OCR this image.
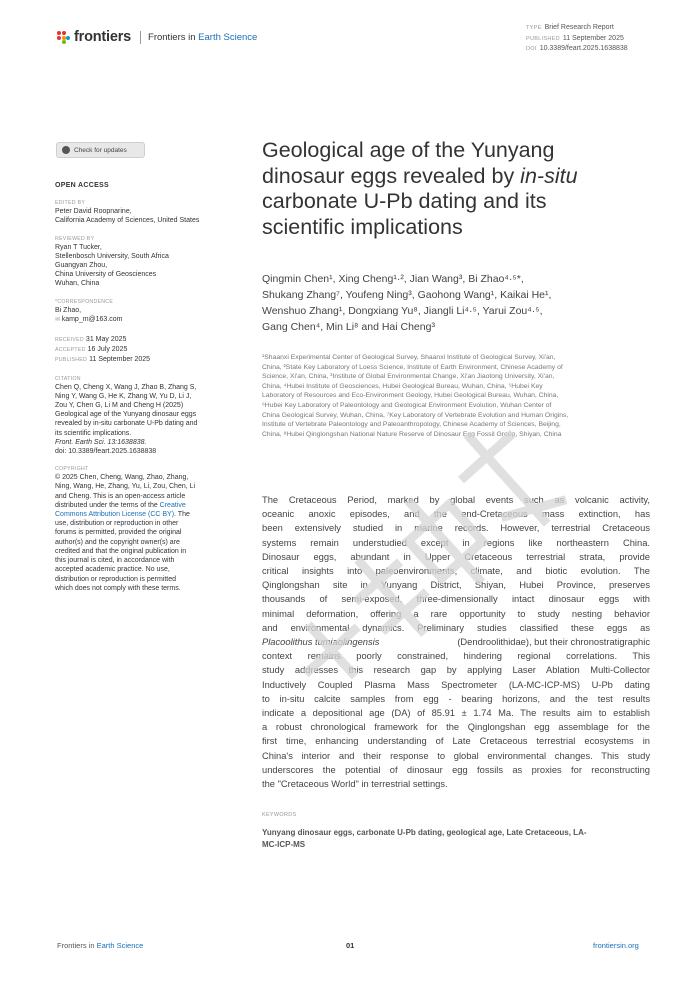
frontiers Frontiers in Earth Science
TYPE Brief Research Report
PUBLISHED 11 September 2025
DOI 10.3389/feart.2025.1638838
Check for updates
OPEN ACCESS
EDITED BY
Peter David Roopnarine,
California Academy of Sciences, United States
REVIEWED BY
Ryan T Tucker,
Stellenbosch University, South Africa
Guangyan Zhou,
China University of Geosciences
Wuhan, China
*CORRESPONDENCE
Bi Zhao,
✉ kamp_m@163.com
RECEIVED 31 May 2025
ACCEPTED 16 July 2025
PUBLISHED 11 September 2025
CITATION
Chen Q, Cheng X, Wang J, Zhao B, Zhang S,
Ning Y, Wang G, He K, Zhang W, Yu D, Li J,
Zou Y, Chen G, Li M and Cheng H (2025)
Geological age of the Yunyang dinosaur eggs
revealed by in-situ carbonate U-Pb dating and
its scientific implications.
Front. Earth Sci. 13:1638838.
doi: 10.3389/feart.2025.1638838
COPYRIGHT
© 2025 Chen, Cheng, Wang, Zhao, Zhang,
Ning, Wang, He, Zhang, Yu, Li, Zou, Chen, Li
and Cheng. This is an open-access article
distributed under the terms of the Creative
Commons Attribution License (CC BY). The
use, distribution or reproduction in other
forums is permitted, provided the original
author(s) and the copyright owner(s) are
credited and that the original publication in
this journal is cited, in accordance with
accepted academic practice. No use,
distribution or reproduction is permitted
which does not comply with these terms.
Geological age of the Yunyang
dinosaur eggs revealed by in-situ
carbonate U-Pb dating and its
scientific implications
Qingmin Chen¹, Xing Cheng¹·², Jian Wang³, Bi Zhao⁴·⁵*,
Shukang Zhang⁷, Youfeng Ning³, Gaohong Wang¹, Kaikai He¹,
Wenshuo Zhang¹, Dongxiang Yu⁸, Jiangli Li⁴·⁵, Yarui Zou⁴·⁵,
Gang Chen⁴, Min Li⁸ and Hai Cheng³
¹Shaanxi Experimental Center of Geological Survey, Shaanxi Institute of Geological Survey, Xi'an,
China, ²State Key Laboratory of Loess Science, Institute of Earth Environment, Chinese Academy of
Science, Xi'an, China, ³Institute of Global Environmental Change, Xi'an Jiaotong University, Xi'an,
China, ⁴Hubei Institute of Geosciences, Hubei Geological Bureau, Wuhan, China, ⁵Hubei Key
Laboratory of Resources and Eco-Environment Geology, Hubei Geological Bureau, Wuhan, China,
⁶Hubei Key Laboratory of Paleontology and Geological Environment Evolution, Wuhan Center of
China Geological Survey, Wuhan, China, ⁷Key Laboratory of Vertebrate Evolution and Human Origins,
Institute of Vertebrate Paleontology and Paleoanthropology, Chinese Academy of Sciences, Beijing,
China, ⁸Hubei Qinglongshan National Nature Reserve of Dinosaur Egg Fossil Group, Shiyan, China
The Cretaceous Period, marked by global events such as volcanic activity,
oceanic anoxic episodes, and the end-Cretaceous mass extinction, has
been extensively studied in marine records. However, terrestrial Cretaceous
systems remain understudied except in regions like northeastern China.
Dinosaur eggs, abundant in Upper Cretaceous terrestrial strata, provide
critical insights into paleoenvironments, climate, and biotic evolution. The
Qinglongshan site in Yunyang District, Shiyan, Hubei Province, preserves
thousands of semi-exposed, three-dimensionally intact dinosaur eggs with
minimal deformation, offering a rare opportunity to study nesting behavior
and environmental dynamics. Preliminary studies classified these eggs as
Placoolithus tumiaolingensis	(Dendroolithidae), but their chronostratigraphic
context remains poorly constrained, hindering regional correlations. This
study addresses this research gap by applying Laser Ablation Multi-Collector
Inductively Coupled Plasma Mass Spectrometer (LA-MC-ICP-MS) U-Pb dating
to in-situ calcite samples from egg - bearing horizons, and the test results
indicate a depositional age (DA) of 85.91 ± 1.74 Ma. The results aim to establish
a robust chronological framework for the Qinglongshan egg assemblage for the
first time, enhancing understanding of Late Cretaceous terrestrial ecosystems in
China's interior and their response to global environmental changes. This study
underscores the potential of dinosaur egg fossils as proxies for reconstructing
the "Cretaceous World" in terrestrial settings.
KEYWORDS
Yunyang dinosaur eggs, carbonate U-Pb dating, geological age, Late Cretaceous, LA-
MC-ICP-MS
Frontiers in Earth Science	01	frontiersin.org
